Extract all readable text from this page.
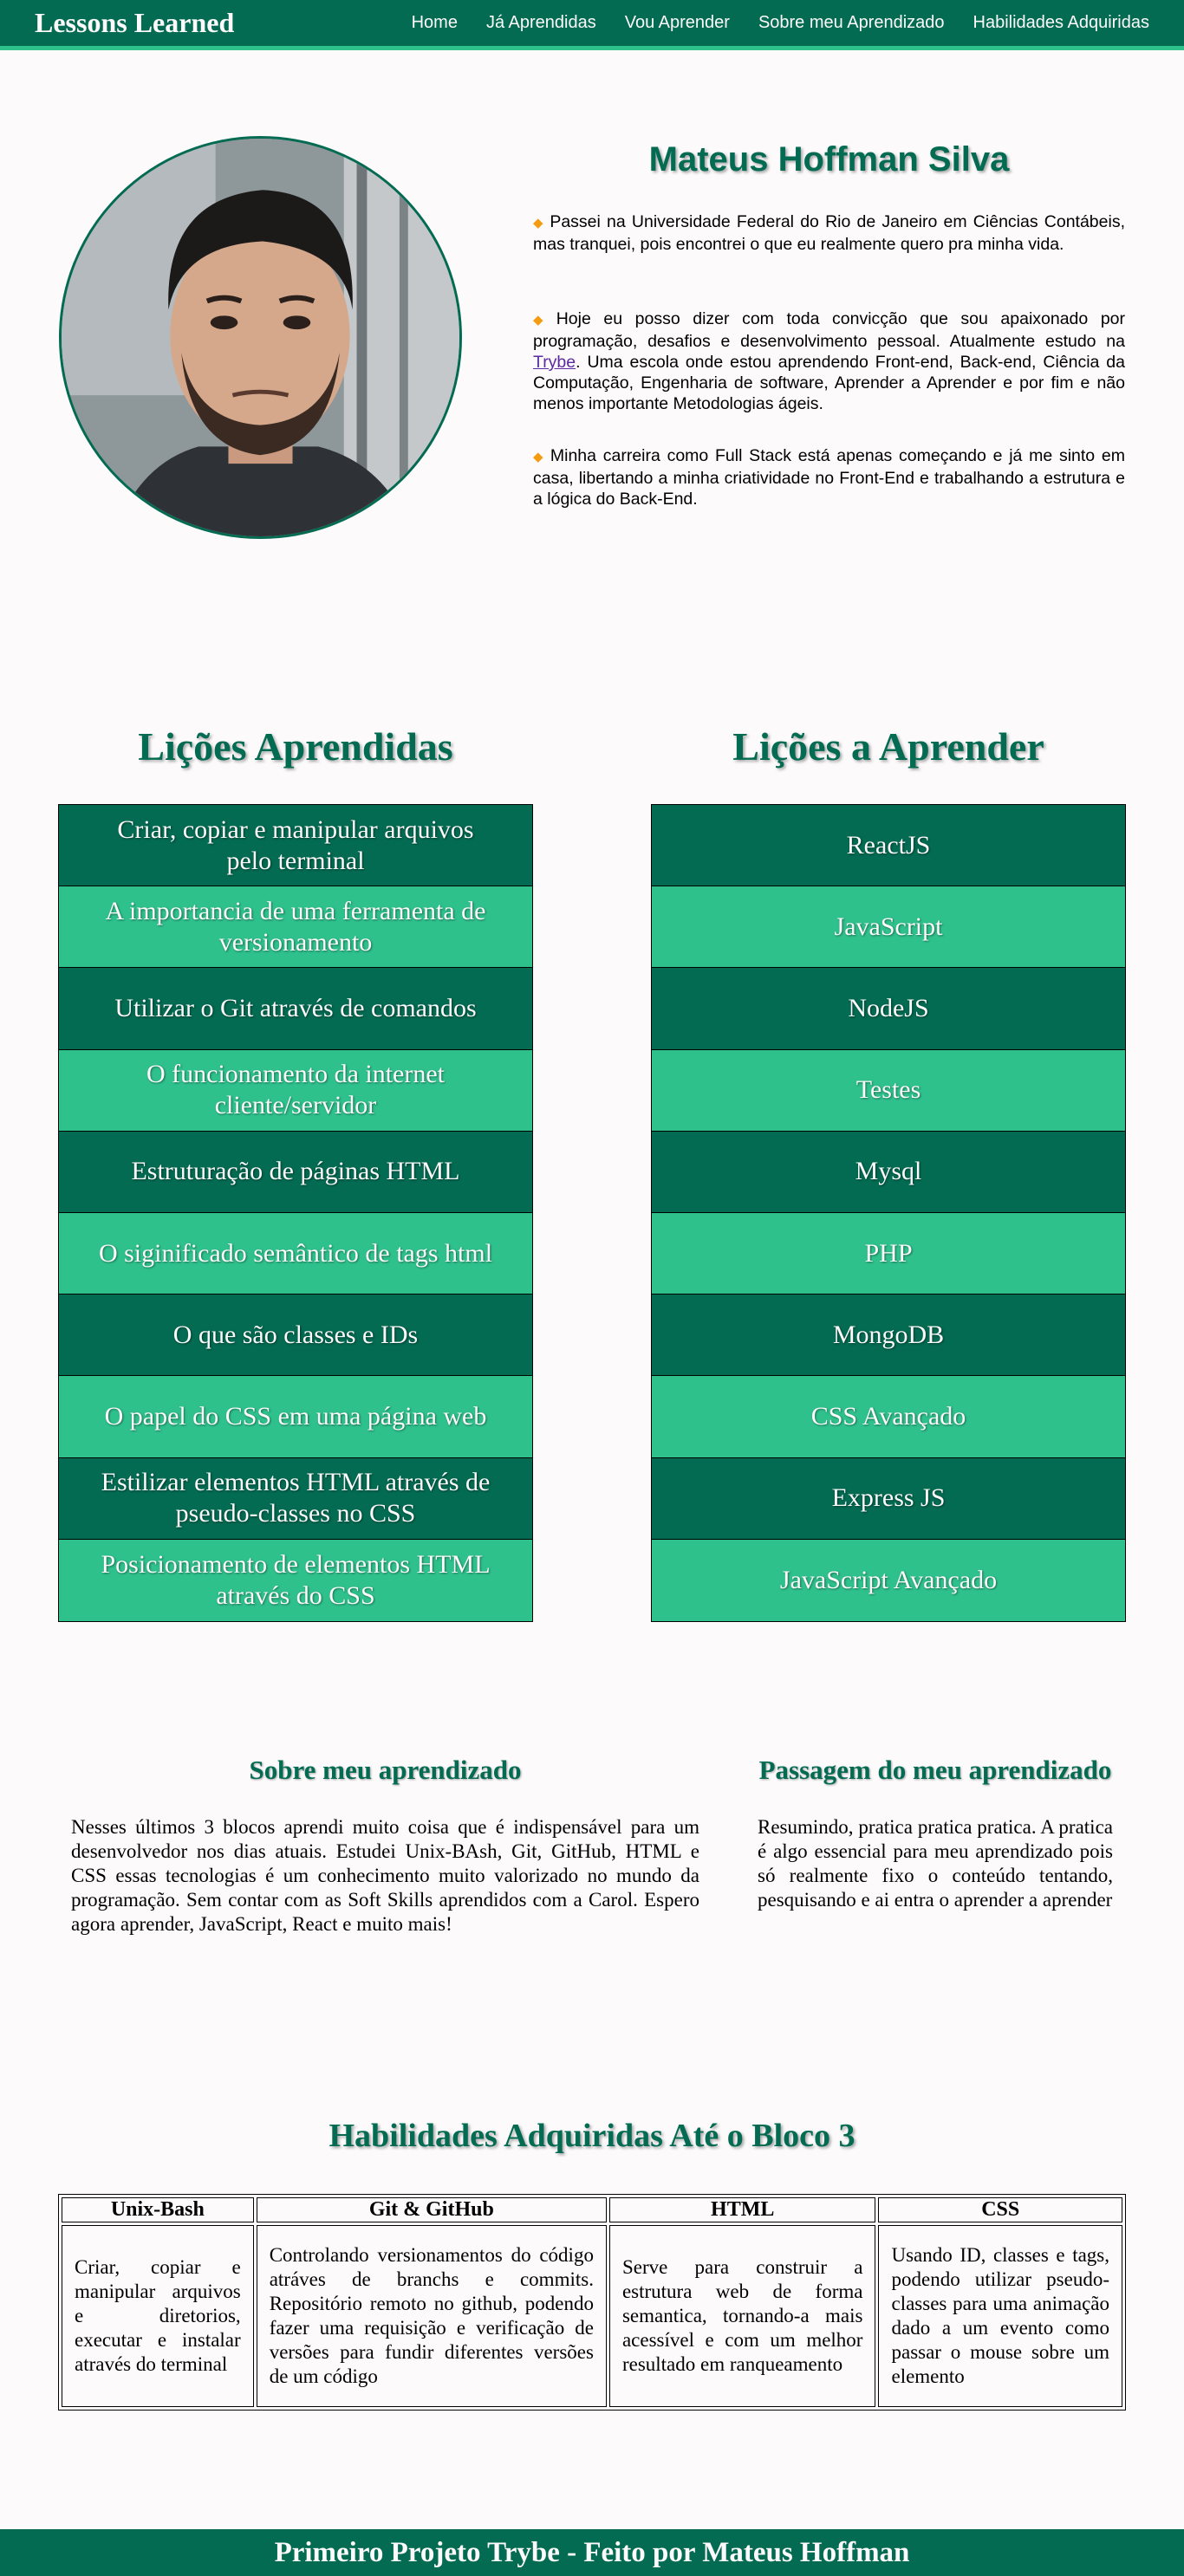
Lessons Learned	Home Já Aprendidas Vou Aprender Sobre meu Aprendizado Habilidades Adquiridas
Mateus Hoffman Silva

◆ Passei na Universidade Federal do Rio de Janeiro em Ciências Contábeis, mas tranquei, pois encontrei o que eu realmente quero pra minha vida.

◆ Hoje eu posso dizer com toda convicção que sou apaixonado por programação, desafios e desenvolvimento pessoal. Atualmente estudo na Trybe. Uma escola onde estou aprendendo Front-end, Back-end, Ciência da Computação, Engenharia de software, Aprender a Aprender e por fim e não menos importante Metodologias ágeis.

◆ Minha carreira como Full Stack está apenas começando e já me sinto em casa, libertando a minha criatividade no Front-End e trabalhando a estrutura e a lógica do Back-End.

Lições Aprendidas
Criar, copiar e manipular arquivos pelo terminal
A importancia de uma ferramenta de versionamento
Utilizar o Git através de comandos
O funcionamento da internet cliente/servidor
Estruturação de páginas HTML
O siginificado semântico de tags html
O que são classes e IDs
O papel do CSS em uma página web
Estilizar elementos HTML através de pseudo-classes no CSS
Posicionamento de elementos HTML através do CSS
Lições a Aprender
ReactJS
JavaScript
NodeJS
Testes
Mysql
PHP
MongoDB
CSS Avançado
Express JS
JavaScript Avançado
Sobre meu aprendizado

Nesses últimos 3 blocos aprendi muito coisa que é indispensável para um desenvolvedor nos dias atuais. Estudei Unix-BAsh, Git, GitHub, HTML e CSS essas tecnologias é um conhecimento muito valorizado no mundo da programação. Sem contar com as Soft Skills aprendidos com a Carol. Espero agora aprender, JavaScript, React e muito mais!

Passagem do meu aprendizado

Resumindo, pratica pratica pratica. A pratica é algo essencial para meu aprendizado pois só realmente fixo o conteúdo tentando, pesquisando e ai entra o aprender a aprender

Habilidades Adquiridas Até o Bloco 3
Unix-Bash	Git & GitHub	HTML	CSS
Criar, copiar e manipular arquivos e diretorios, executar e instalar através do terminal	Controlando versionamentos do código atráves de branchs e commits. Repositório remoto no github, podendo fazer uma requisição e verificação de versões para fundir diferentes versões de um código	Serve para construir a estrutura web de forma semantica, tornando-a mais acessível e com um melhor resultado em ranqueamento	Usando ID, classes e tags, podendo utilizar pseudo-classes para uma animação dado a um evento como passar o mouse sobre um elemento
Primeiro Projeto Trybe - Feito por Mateus Hoffman
